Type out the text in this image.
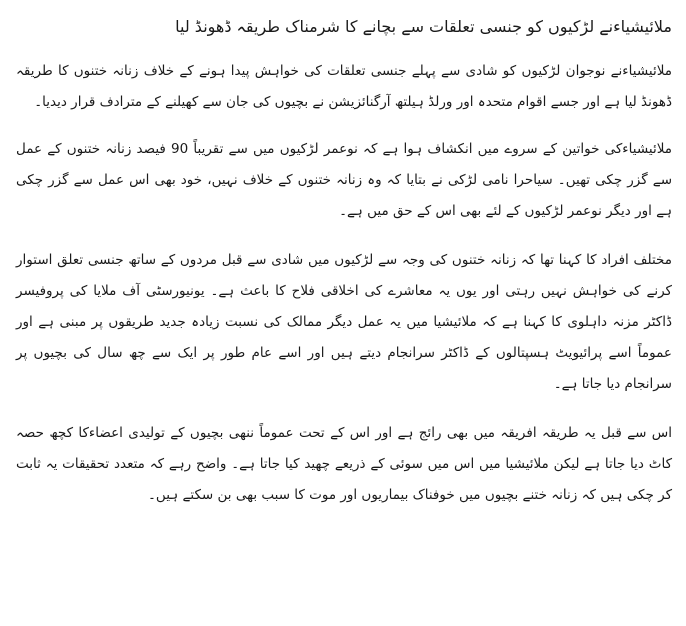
ملائیشیاءنے لڑکیوں کو جنسی تعلقات سے بچانے کا شرمناک طریقہ ڈھونڈ لیا

ملائیشیاءنے نوجوان لڑکیوں کو شادی سے پہلے جنسی تعلقات کی خواہش پیدا ہونے کے خلاف زنانہ ختنوں کا طریقہ ڈھونڈ لیا ہے اور جسے اقوام متحدہ اور ورلڈ ہیلتھ آرگنائزیشن نے بچیوں کی جان سے کھیلنے کے مترادف قرار دیدیا۔

ملائیشیاءکی خواتین کے سروے میں انکشاف ہوا ہے کہ نوعمر لڑکیوں میں سے تقریباً 90 فیصد زنانہ ختنوں کے عمل سے گزر چکی تھیں۔ سیاحرا نامی لڑکی نے بتایا کہ وہ زنانہ ختنوں کے خلاف نہیں، خود بھی اس عمل سے گزر چکی ہے اور دیگر نوعمر لڑکیوں کے لئے بھی اس کے حق میں ہے۔

مختلف افراد کا کہنا تھا کہ زنانہ ختنوں کی وجہ سے لڑکیوں میں شادی سے قبل مردوں کے ساتھ جنسی تعلق استوار کرنے کی خواہش نہیں رہتی اور یوں یہ معاشرے کی اخلاقی فلاح کا باعث ہے۔ یونیورسٹی آف ملایا کی پروفیسر ڈاکٹر مزنہ داہلوی کا کہنا ہے کہ ملائیشیا میں یہ عمل دیگر ممالک کی نسبت زیادہ جدید طریقوں پر مبنی ہے اور عموماً اسے پرائیویٹ ہسپتالوں کے ڈاکٹر سرانجام دیتے ہیں اور اسے عام طور پر ایک سے چھ سال کی بچیوں پر سرانجام دیا جاتا ہے۔

اس سے قبل یہ طریقہ افریقہ میں بھی رائج ہے اور اس کے تحت عموماً ننھی بچیوں کے تولیدی اعضاءکا کچھ حصہ کاٹ دیا جاتا ہے لیکن ملائیشیا میں اس میں سوئی کے ذریعے چھید کیا جاتا ہے۔ واضح رہے کہ متعدد تحقیقات یہ ثابت کر چکی ہیں کہ زنانہ ختنے بچیوں میں خوفناک بیماریوں اور موت کا سبب بھی بن سکتے ہیں۔
